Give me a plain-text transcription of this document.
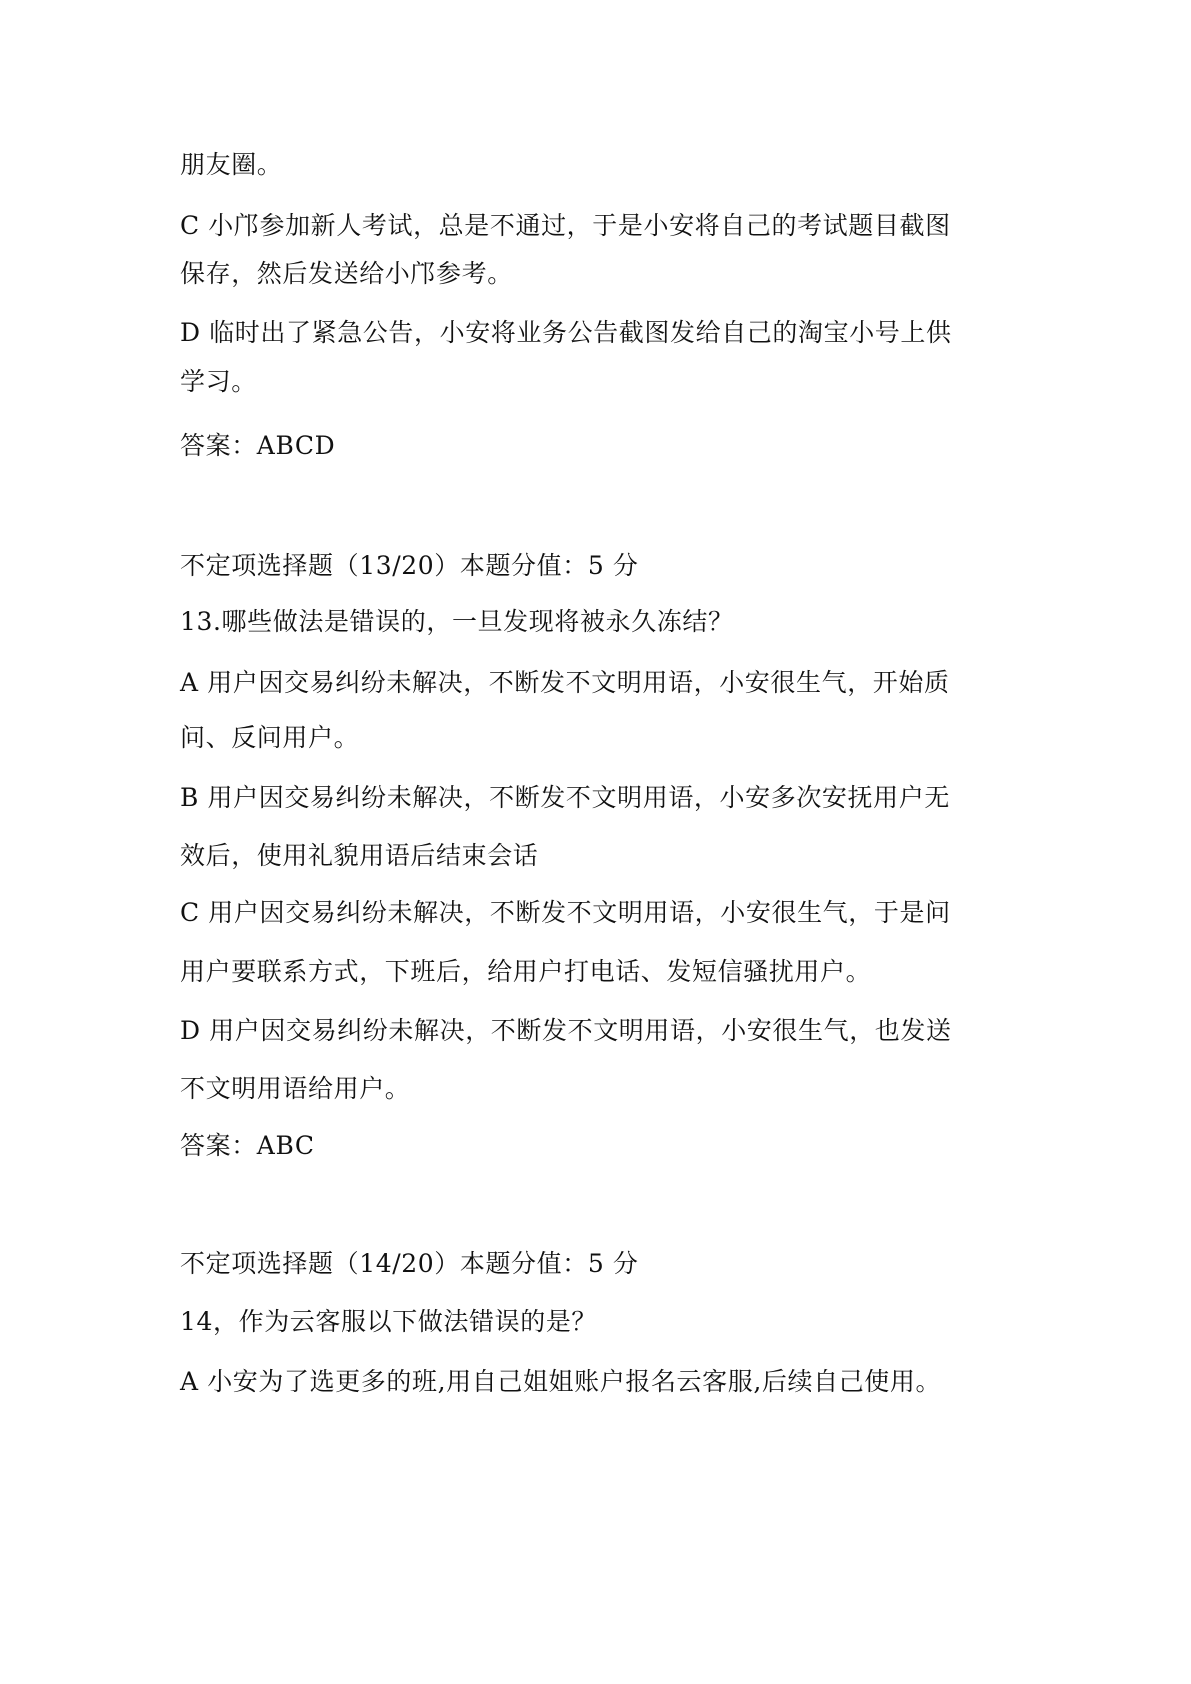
朋友圈。
C 小邝参加新人考试，总是不通过，于是小安将自己的考试题目截图
保存，然后发送给小邝参考。
D 临时出了紧急公告，小安将业务公告截图发给自己的淘宝小号上供
学习。
答案：ABCD
不定项选择题（13/20）本题分值：5 分
13.哪些做法是错误的，一旦发现将被永久冻结？
A 用户因交易纠纷未解决，不断发不文明用语，小安很生气，开始质
问、反问用户。
B 用户因交易纠纷未解决，不断发不文明用语，小安多次安抚用户无
效后，使用礼貌用语后结束会话
C 用户因交易纠纷未解决，不断发不文明用语，小安很生气，于是问
用户要联系方式，下班后，给用户打电话、发短信骚扰用户。
D 用户因交易纠纷未解决，不断发不文明用语，小安很生气，也发送
不文明用语给用户。
答案：ABC
不定项选择题（14/20）本题分值：5 分
14，作为云客服以下做法错误的是？
A 小安为了选更多的班,用自己姐姐账户报名云客服,后续自己使用。
